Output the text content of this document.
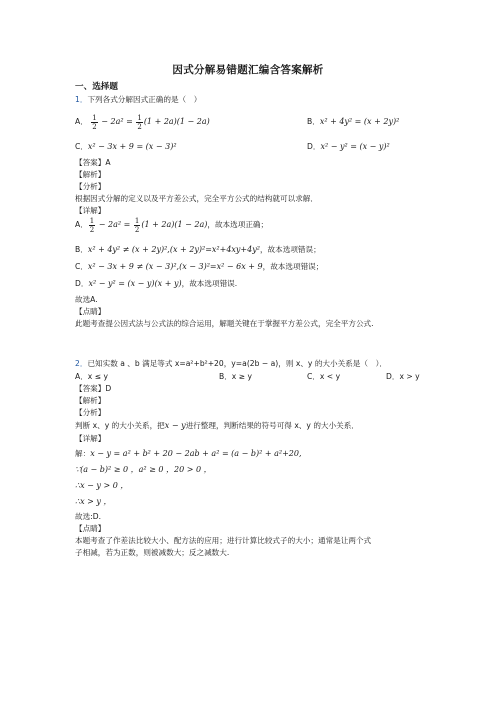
因式分解易错题汇编含答案解析
一、选择题
1．下列各式分解因式正确的是（　）
A． $\frac{1}{2} - 2a^2 = \frac{1}{2} (1 + 2a)(1 - 2a)$	B．x² + 4y² = (x + 2y)²
C．x² − 3x + 9 = (x − 3)²	D．x² − y² = (x − y)²
【答案】A
【解析】
【分析】
根据因式分解的定义以及平方差公式，完全平方公式的结构就可以求解．
【详解】
A． $\frac{1}{2} - 2a^2 = \frac{1}{2} (1 + 2a)(1 - 2a)$，故本选项正确；
B．x² + 4y² ≠ (x + 2y)²,(x + 2y)²=x²+4xy+4y²，故本选项错误；
C．x² − 3x + 9 ≠ (x − 3)²,(x − 3)²=x² − 6x + 9，故本选项错误；
D．x² − y² = (x − y)(x + y)，故本选项错误.
故选A.
【点睛】
此题考查提公因式法与公式法的综合运用，解题关键在于掌握平方差公式，完全平方公式.
2．已知实数 a 、b 满足等式 x=a²+b²+20，y=a(2b − a)，则 x、y 的大小关系是（　）．
A．x ≤ y	B．x ≥ y	C．x < y	D．x > y
【答案】D
【解析】
【分析】
判断 x、y 的大小关系，把x − y进行整理，判断结果的符号可得 x、y 的大小关系．
【详解】
解：x − y = a² + b² + 20 − 2ab + a² = (a − b)² + a²+20,
∵(a − b)² ≥ 0 ，a² ≥ 0 ，20 > 0 ，
∴x − y > 0 ，
∴x > y ，
故选:D.
【点睛】
本题考查了作差法比较大小、配方法的应用；进行计算比较式子的大小；通常是让两个式
子相减，若为正数，则被减数大；反之减数大.
